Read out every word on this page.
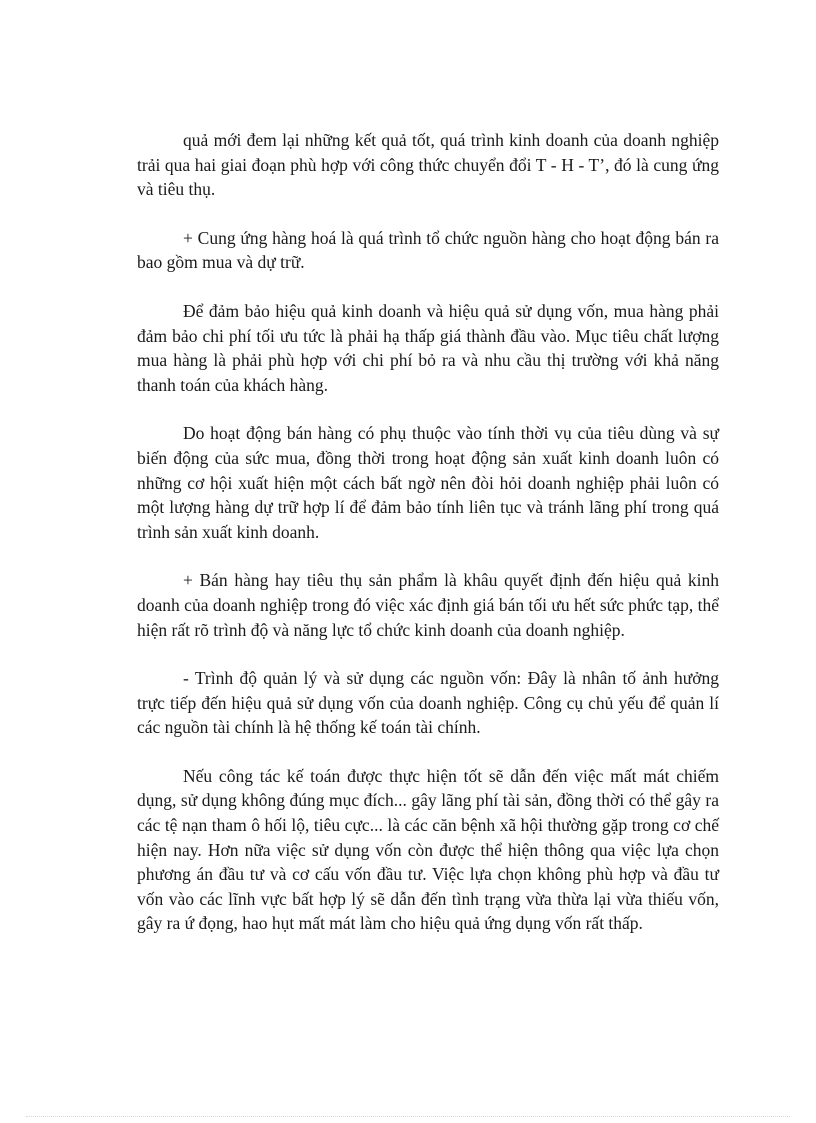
quả mới đem lại những kết quả tốt, quá trình kinh doanh của doanh nghiệp trải qua hai giai đoạn phù hợp với công thức chuyển đổi T - H - T’, đó là cung ứng và tiêu thụ.

+ Cung ứng hàng hoá là quá trình tổ chức nguồn hàng cho hoạt động bán ra bao gồm mua và dự trữ.

Để đảm bảo hiệu quả kinh doanh và hiệu quả sử dụng vốn, mua hàng phải đảm bảo chi phí tối ưu tức là phải hạ thấp giá thành đầu vào. Mục tiêu chất lượng mua hàng là phải phù hợp với chi phí bỏ ra và nhu cầu thị trường với khả năng thanh toán của khách hàng.

Do hoạt động bán hàng có phụ thuộc vào tính thời vụ của tiêu dùng và sự biến động của sức mua, đồng thời trong hoạt động sản xuất kinh doanh luôn có những cơ hội xuất hiện một cách bất ngờ nên đòi hỏi doanh nghiệp phải luôn có một lượng hàng dự trữ hợp lí để đảm bảo tính liên tục và tránh lãng phí trong quá trình sản xuất kinh doanh.

+ Bán hàng hay tiêu thụ sản phẩm là khâu quyết định đến hiệu quả kinh doanh của doanh nghiệp trong đó việc xác định giá bán tối ưu hết sức phức tạp, thể hiện rất rõ trình độ và năng lực tổ chức kinh doanh của doanh nghiệp.

- Trình độ quản lý và sử dụng các nguồn vốn: Đây là nhân tố ảnh hưởng trực tiếp đến hiệu quả sử dụng vốn của doanh nghiệp. Công cụ chủ yếu để quản lí các nguồn tài chính là hệ thống kế toán tài chính.

Nếu công tác kế toán được thực hiện tốt sẽ dẫn đến việc mất mát chiếm dụng, sử dụng không đúng mục đích... gây lãng phí tài sản, đồng thời có thể gây ra các tệ nạn tham ô hối lộ, tiêu cực... là các căn bệnh xã hội thường gặp trong cơ chế hiện nay. Hơn nữa việc sử dụng vốn còn được thể hiện thông qua việc lựa chọn phương án đầu tư và cơ cấu vốn đầu tư. Việc lựa chọn không phù hợp và đầu tư vốn vào các lĩnh vực bất hợp lý sẽ dẫn đến tình trạng vừa thừa lại vừa thiếu vốn, gây ra ứ đọng, hao hụt mất mát làm cho hiệu quả ứng dụng vốn rất thấp.
